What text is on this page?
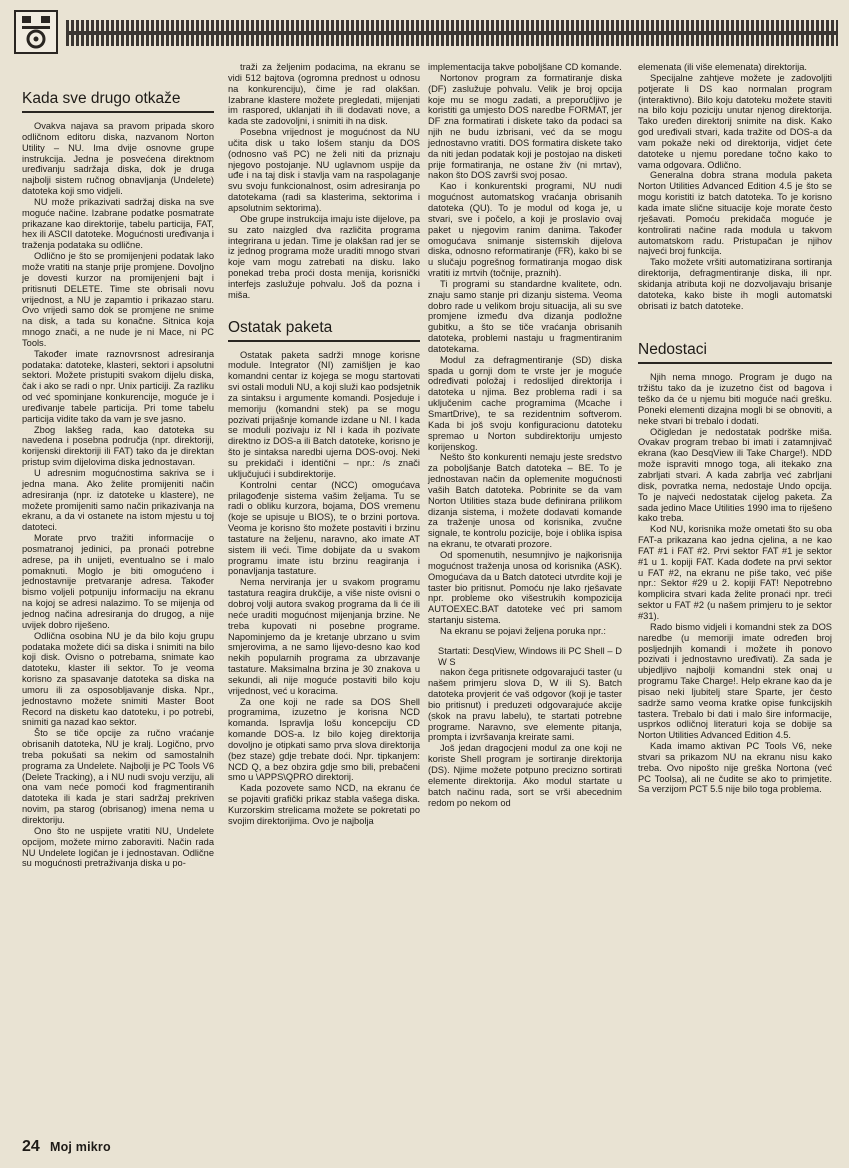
Kada sve drugo otkaže

Ovakva najava sa pravom pripada skoro odličnom editoru diska, nazvanom Norton Utility – NU. Ima dvije osnovne grupe instrukcija. Jedna je posvećena direktnom uređivanju sadržaja diska, dok je druga najbolji sistem ručnog obnavljanja (Undelete) datoteka koji smo vidjeli.

NU može prikazivati sadržaj diska na sve moguće načine. Izabrane podatke posmatrate prikazane kao direktorije, tabelu particija, FAT, hex ili ASCII datoteke. Mogućnosti uređivanja i traženja podataka su odlične.

Odlično je što se promijenjeni podatak lako može vratiti na stanje prije promjene. Dovoljno je dovesti kurzor na promijenjeni bajt i pritisnuti DELETE. Time ste obrisali novu vrijednost, a NU je zapamtio i prikazao staru. Ovo vrijedi samo dok se promjene ne snime na disk, a tada su konačne. Sitnica koja mnogo znači, a ne nude je ni Mace, ni PC Tools.

Također imate raznovrsnost adresiranja podataka: datoteke, klasteri, sektori i apsolutni sektori. Možete pristupiti svakom dijelu diska, čak i ako se radi o npr. Unix particiji. Za razliku od već spominjane konkurencije, moguće je i uređivanje tabele particija. Pri tome tabelu particija vidite tako da vam je sve jasno.

Zbog lakšeg rada, kao datoteka su navedena i posebna područja (npr. direktoriji, korijenski direktoriji ili FAT) tako da je direktan pristup svim dijelovima diska jednostavan.

U adresnim mogućnostima sakriva se i jedna mana. Ako želite promijeniti način adresiranja (npr. iz datoteke u klastere), ne možete promijeniti samo način prikazivanja na ekranu, a da vi ostanete na istom mjestu u toj datoteci.

Morate prvo tražiti informacije o posmatranoj jedinici, pa pronaći potrebne adrese, pa ih unijeti, eventualno se i malo pomaknuti. Moglo je biti omogućeno i jednostavnije pretvaranje adresa. Također bismo voljeli potpuniju informaciju na ekranu na kojoj se adresi nalazimo. To se mijenja od jednog načina adresiranja do drugog, a nije uvijek dobro riješeno.

Odlična osobina NU je da bilo koju grupu podataka možete dići sa diska i snimiti na bilo koji disk. Ovisno o potrebama, snimate kao datoteku, klaster ili sektor. To je veoma korisno za spasavanje datoteka sa diska na umoru ili za osposobljavanje diska. Npr., jednostavno možete snimiti Master Boot Record na disketu kao datoteku, i po potrebi, snimiti ga nazad kao sektor.

Što se tiče opcije za ručno vraćanje obrisanih datoteka, NU je kralj. Logično, prvo treba pokušati sa nekim od samostalnih programa za Undelete. Najbolji je PC Tools V6 (Delete Tracking), a i NU nudi svoju verziju, ali ona vam neće pomoći kod fragmentiranih datoteka ili kada je stari sadržaj prekriven novim, pa starog (obrisanog) imena nema u direktoriju.

Ono što ne uspijete vratiti NU, Undelete opcijom, možete mirno zaboraviti. Način rada NU Undelete logičan je i jednostavan. Odlične su mogućnosti pretraživanja diska u po-

traži za željenim podacima, na ekranu se vidi 512 bajtova (ogromna prednost u odnosu na konkurenciju), čime je rad olakšan. Izabrane klastere možete pregledati, mijenjati im raspored, uklanjati ih ili dodavati nove, a kada ste zadovoljni, i snimiti ih na disk.

Posebna vrijednost je mogućnost da NU učita disk u tako lošem stanju da DOS (odnosno vaš PC) ne želi niti da priznaju njegovo postojanje. NU uglavnom uspije da uđe i na taj disk i stavlja vam na raspolaganje svu svoju funkcionalnost, osim adresiranja po datotekama (radi sa klasterima, sektorima i apsolutnim sektorima).

Obe grupe instrukcija imaju iste dijelove, pa su zato naizgled dva različita programa integrirana u jedan. Time je olakšan rad jer se iz jednog programa može uraditi mnogo stvari koje vam mogu zatrebati na disku. Iako ponekad treba proći dosta menija, korisnički interfejs zaslužuje pohvalu. Još da pozna i miša.

Ostatak paketa

Ostatak paketa sadrži mnoge korisne module. Integrator (NI) zamišljen je kao komandni centar iz kojega se mogu startovati svi ostali moduli NU, a koji služi kao podsjetnik za sintaksu i argumente komandi. Posjeduje i memoriju (komandni stek) pa se mogu pozivati prijašnje komande izdane u NI. I kada se moduli pozivaju iz NI i kada ih pozivate direktno iz DOS-a ili Batch datoteke, korisno je što je sintaksa naredbi ujerna DOS-ovoj. Neki su prekidači i identični – npr.: /s znači uključujući i subdirektorije.

Kontrolni centar (NCC) omogućava prilagođenje sistema vašim željama. Tu se radi o obliku kurzora, bojama, DOS vremenu (koje se upisuje u BIOS), te o brzini portova. Veoma je korisno što možete postaviti i brzinu tastature na željenu, naravno, ako imate AT sistem ili veći. Time dobijate da u svakom programu imate istu brzinu reagiranja i ponavljanja tastature.

Nema nerviranja jer u svakom programu tastatura reagira drukčije, a više niste ovisni o dobroj volji autora svakog programa da li će ili neće uraditi mogućnost mijenjanja brzine. Ne treba kupovati ni posebne programe. Napominjemo da je kretanje ubrzano u svim smjerovima, a ne samo lijevo-desno kao kod nekih popularnih programa za ubrzavanje tastature. Maksimalna brzina je 30 znakova u sekundi, ali nije moguće postaviti bilo koju vrijednost, već u koracima.

Za one koji ne rade sa DOS Shell programima, izuzetno je korisna NCD komanda. Ispravlja lošu koncepciju CD komande DOS-a. Iz bilo kojeg direktorija dovoljno je otipkati samo prva slova direktorija (bez staze) gdje trebate doći. Npr. tipkanjem: NCD Q, a bez obzira gdje smo bili, prebačeni smo u \APPS\QPRO direktorij.

Kada pozovete samo NCD, na ekranu će se pojaviti grafički prikaz stabla vašega diska. Kurzorskim strelicama možete se pokretati po svojim direktorijima. Ovo je najbolja

implementacija takve poboljšane CD komande.

Nortonov program za formatiranje diska (DF) zaslužuje pohvalu. Velik je broj opcija koje mu se mogu zadati, a preporučljivo je koristiti ga umjesto DOS naredbe FORMAT, jer DF zna formatirati i diskete tako da podaci sa njih ne budu izbrisani, već da se mogu jednostavno vratiti. DOS formatira diskete tako da niti jedan podatak koji je postojao na disketi prije formatiranja, ne ostane živ (ni mrtav), nakon što DOS završi svoj posao.

Kao i konkurentski programi, NU nudi mogućnost automatskog vraćanja obrisanih datoteka (QU). To je modul od koga je, u stvari, sve i počelo, a koji je proslavio ovaj paket u njegovim ranim danima. Također omogućava snimanje sistemskih dijelova diska, odnosno reformatiranje (FR), kako bi se u slučaju pogrešnog formatiranja mogao disk vratiti iz mrtvih (točnije, praznih).

Ti programi su standardne kvalitete, odn. znaju samo stanje pri dizanju sistema. Veoma dobro rade u velikom broju situacija, ali su sve promjene između dva dizanja podložne gubitku, a što se tiče vraćanja obrisanih datoteka, problemi nastaju u fragmentiranim datotekama.

Modul za defragmentiranje (SD) diska spada u gornji dom te vrste jer je moguće određivati položaj i redoslijed direktorija i datoteka u njima. Bez problema radi i sa uključenim cache programima (Mcache i SmartDrive), te sa rezidentnim softverom. Kada bi još svoju konfiguracionu datoteku spremao u Norton subdirektoriju umjesto korijenskog.

Nešto što konkurenti nemaju jeste sredstvo za poboljšanje Batch datoteka – BE. To je jednostavan način da oplemenite mogućnosti vaših Batch datoteka. Pobrinite se da vam Norton Utilities staza bude definirana prilikom dizanja sistema, i možete dodavati komande za traženje unosa od korisnika, zvučne signale, te kontrolu pozicije, boje i oblika ispisa na ekranu, te otvarati prozore.

Od spomenutih, nesumnjivo je najkorisnija mogućnost traženja unosa od korisnika (ASK). Omogućava da u Batch datoteci utvrdite koji je taster bio pritisnut. Pomoću nje lako rješavate npr. probleme oko višestrukih kompozicija AUTOEXEC.BAT datoteke već pri samom startanju sistema.

Na ekranu se pojavi željena poruka npr.:

Startati: DesqView, Windows ili PC Shell – D W S

nakon čega pritisnete odgovarajući taster (u našem primjeru slova D, W ili S). Batch datoteka provjerit će vaš odgovor (koji je taster bio pritisnut) i preduzeti odgovarajuće akcije (skok na pravu labelu), te startati potrebne programe. Naravno, sve elemente pitanja, prompta i izvršavanja kreirate sami.

Još jedan dragocjeni modul za one koji ne koriste Shell program je sortiranje direktorija (DS). Njime možete potpuno precizno sortirati elemente direktorija. Ako modul startate u batch načinu rada, sort se vrši abecednim redom po nekom od

elemenata (ili više elemenata) direktorija.

Specijalne zahtjeve možete je zadovoljiti potjerate li DS kao normalan program (interaktivno). Bilo koju datoteku možete staviti na bilo koju poziciju unutar njenog direktorija. Tako uređen direktorij snimite na disk. Kako god uređivali stvari, kada tražite od DOS-a da vam pokaže neki od direktorija, vidjet ćete datoteke u njemu poredane točno kako to vama odgovara. Odlično.

Generalna dobra strana modula paketa Norton Utilities Advanced Edition 4.5 je što se mogu koristiti iz batch datoteka. To je korisno kada imate slične situacije koje morate često rješavati. Pomoću prekidača moguće je kontrolirati načine rada modula u takvom automatskom radu. Pristupačan je njihov najveći broj funkcija.

Tako možete vršiti automatizirana sortiranja direktorija, defragmentiranje diska, ili npr. skidanja atributa koji ne dozvoljavaju brisanje datoteka, kako biste ih mogli automatski obrisati iz batch datoteke.

Nedostaci

Njih nema mnogo. Program je dugo na tržištu tako da je izuzetno čist od bagova i teško da će u njemu biti moguće naći grešku. Poneki elementi dizajna mogli bi se obnoviti, a neke stvari bi trebalo i dodati.

Očigledan je nedostatak podrške miša. Ovakav program trebao bi imati i zatamnjivač ekrana (kao DesqView ili Take Charge!). NDD može ispraviti mnogo toga, ali itekako zna zabrljati stvari. A kada zabrlja već zabrljani disk, povratka nema, nedostaje Undo opcija. To je najveći nedostatak cijelog paketa. Za sada jedino Mace Utilities 1990 ima to riješeno kako treba.

Kod NU, korisnika može ometati što su oba FAT-a prikazana kao jedna cjelina, a ne kao FAT #1 i FAT #2. Prvi sektor FAT #1 je sektor #1 u 1. kopiji FAT. Kada dođete na prvi sektor u FAT #2, na ekranu ne piše tako, već piše npr.: Sektor #29 u 2. kopiji FAT! Nepotrebno komplicira stvari kada želite pronaći npr. treći sektor u FAT #2 (u našem primjeru to je sektor #31).

Rado bismo vidjeli i komandni stek za DOS naredbe (u memoriji imate određen broj posljednjih komandi i možete ih ponovo pozivati i jednostavno uređivati). Za sada je ubjedljivo najbolji komandni stek onaj u programu Take Charge!. Help ekrane kao da je pisao neki ljubitelj stare Sparte, jer često sadrže samo veoma kratke opise funkcijskih tastera. Trebalo bi dati i malo šire informacije, usprkos odličnoj literaturi koja se dobije sa Norton Utilities Advanced Edition 4.5.

Kada imamo aktivan PC Tools V6, neke stvari sa prikazom NU na ekranu nisu kako treba. Ovo nipošto nije greška Nortona (već PC Toolsa), ali ne čudite se ako to primjetite. Sa verzijom PCT 5.5 nije bilo toga problema.

24 Moj mikro
